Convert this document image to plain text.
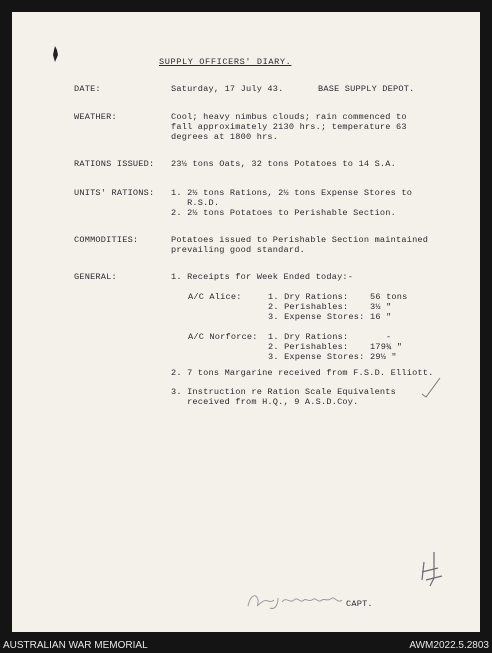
SUPPLY OFFICERS' DIARY.
DATE:	Saturday, 17 July 43.	BASE SUPPLY DEPOT.
WEATHER:	Cool; heavy nimbus clouds; rain commenced to
fall approximately 2130 hrs.; temperature 63
degrees at 1800 hrs.
RATIONS ISSUED: 23½ tons Oats, 32 tons Potatoes to 14 S.A.
UNITS' RATIONS: 1. 2½ tons Rations, 2½ tons Expense Stores to
R.S.D.
2. 2½ tons Potatoes to Perishable Section.
COMMODITIES:	Potatoes issued to Perishable Section maintained
prevailing good standard.
GENERAL:	1. Receipts for Week Ended today:-
A/C Alice:	1. Dry Rations:	56 tons
2. Perishables:	3½ "
3. Expense Stores: 16 "
A/C Norforce: 1. Dry Rations:	-
2. Perishables:	179¾ "
3. Expense Stores: 29½ "
2. 7 tons Margarine received from F.S.D. Elliott.
3. Instruction re Ration Scale Equivalents
received from H.Q., 9 A.S.D.Coy.
CAPT.
AUSTRALIAN WAR MEMORIAL	AWM2022.5.2803
